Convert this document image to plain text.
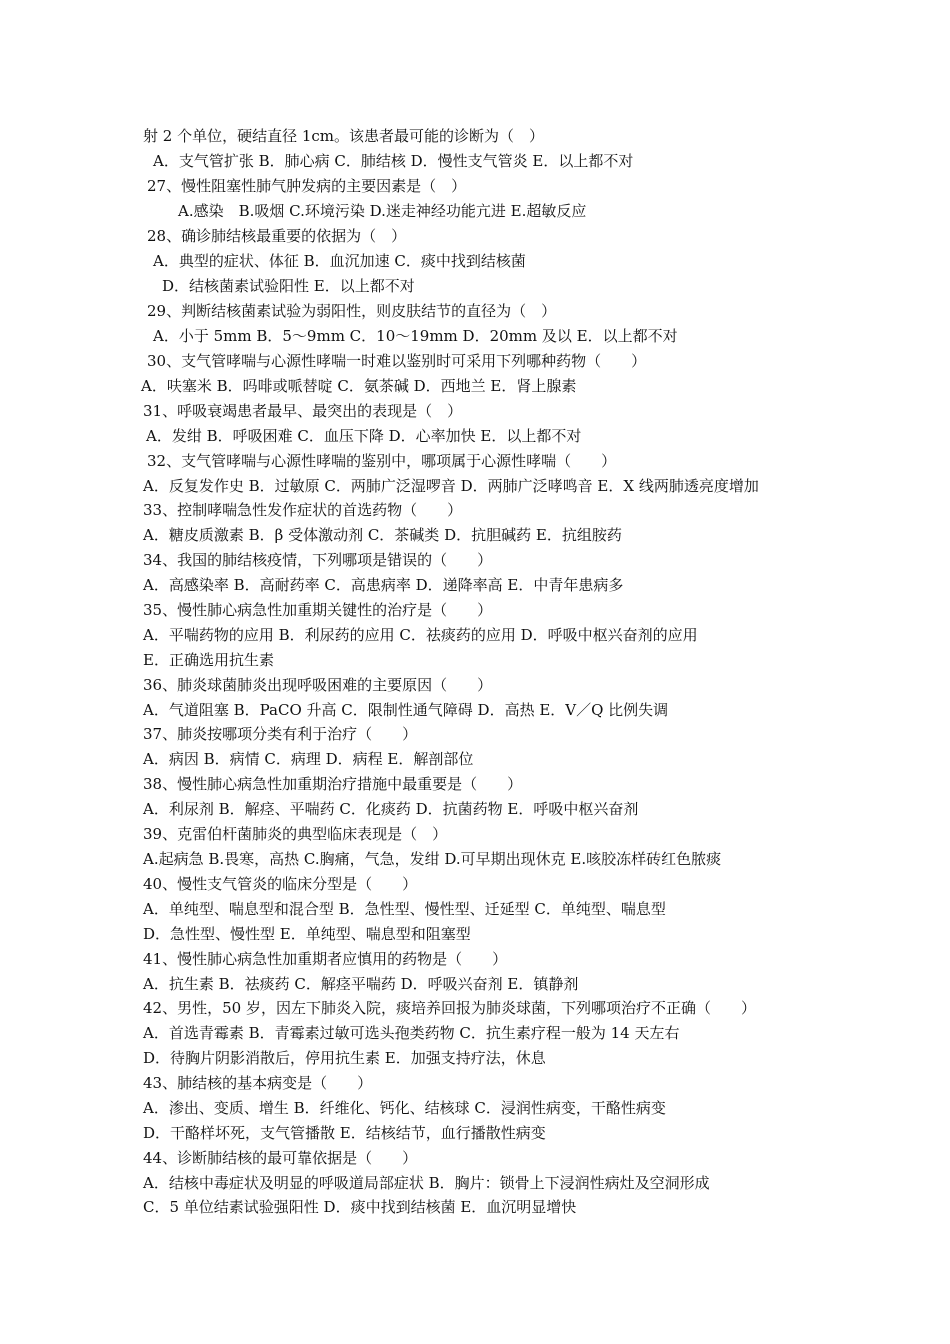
射 2 个单位，硬结直径 1cm。该患者最可能的诊断为（　）
A．支气管扩张 B．肺心病 C．肺结核 D．慢性支气管炎 E．以上都不对
27、慢性阻塞性肺气肿发病的主要因素是（　）
A.感染　B.吸烟 C.环境污染 D.迷走神经功能亢进 E.超敏反应
28、确诊肺结核最重要的依据为（　）
A．典型的症状、体征 B．血沉加速 C．痰中找到结核菌
D．结核菌素试验阳性 E．以上都不对
29、判断结核菌素试验为弱阳性，则皮肤结节的直径为（　）
A．小于 5mm B．5～9mm C．10～19mm D．20mm 及以 E．以上都不对
30、支气管哮喘与心源性哮喘一时难以鉴别时可采用下列哪种药物（　　）
A．呋塞米 B．吗啡或哌替啶 C．氨茶碱 D．西地兰 E．肾上腺素
31、呼吸衰竭患者最早、最突出的表现是（　）
A．发绀 B．呼吸困难 C．血压下降 D．心率加快 E．以上都不对
32、支气管哮喘与心源性哮喘的鉴别中，哪项属于心源性哮喘（　　）
A．反复发作史 B．过敏原 C．两肺广泛湿啰音 D．两肺广泛哮鸣音 E．X 线两肺透亮度增加
33、控制哮喘急性发作症状的首选药物（　　）
A．糖皮质激素 B．β 受体激动剂 C．茶碱类 D．抗胆碱药 E．抗组胺药
34、我国的肺结核疫情，下列哪项是错误的（　　）
A．高感染率 B．高耐药率 C．高患病率 D．递降率高 E．中青年患病多
35、慢性肺心病急性加重期关键性的治疗是（　　）
A．平喘药物的应用 B．利尿药的应用 C．祛痰药的应用 D．呼吸中枢兴奋剂的应用
E．正确选用抗生素
36、肺炎球菌肺炎出现呼吸困难的主要原因（　　）
A．气道阻塞 B．PaCO 升高 C．限制性通气障碍 D．高热 E．V／Q 比例失调
37、肺炎按哪项分类有利于治疗（　　）
A．病因 B．病情 C．病理 D．病程 E．解剖部位
38、慢性肺心病急性加重期治疗措施中最重要是（　　）
A．利尿剂 B．解痉、平喘药 C．化痰药 D．抗菌药物 E．呼吸中枢兴奋剂
39、克雷伯杆菌肺炎的典型临床表现是（　）
A.起病急 B.畏寒，高热 C.胸痛，气急，发绀 D.可早期出现休克 E.咳胶冻样砖红色脓痰
40、慢性支气管炎的临床分型是（　　）
A．单纯型、喘息型和混合型 B．急性型、慢性型、迁延型 C．单纯型、喘息型
D．急性型、慢性型 E．单纯型、喘息型和阻塞型
41、慢性肺心病急性加重期者应慎用的药物是（　　）
A．抗生素 B．祛痰药 C．解痉平喘药 D．呼吸兴奋剂 E．镇静剂
42、男性，50 岁，因左下肺炎入院，痰培养回报为肺炎球菌，下列哪项治疗不正确（　　）
A．首选青霉素 B．青霉素过敏可选头孢类药物 C．抗生素疗程一般为 14 天左右
D．待胸片阴影消散后，停用抗生素 E．加强支持疗法，休息
43、肺结核的基本病变是（　　）
A．渗出、变质、增生 B．纤维化、钙化、结核球 C．浸润性病变，干酪性病变
D．干酪样坏死，支气管播散 E．结核结节，血行播散性病变
44、诊断肺结核的最可靠依据是（　　）
A．结核中毒症状及明显的呼吸道局部症状 B．胸片：锁骨上下浸润性病灶及空洞形成
C．5 单位结素试验强阳性 D．痰中找到结核菌 E．血沉明显增快
